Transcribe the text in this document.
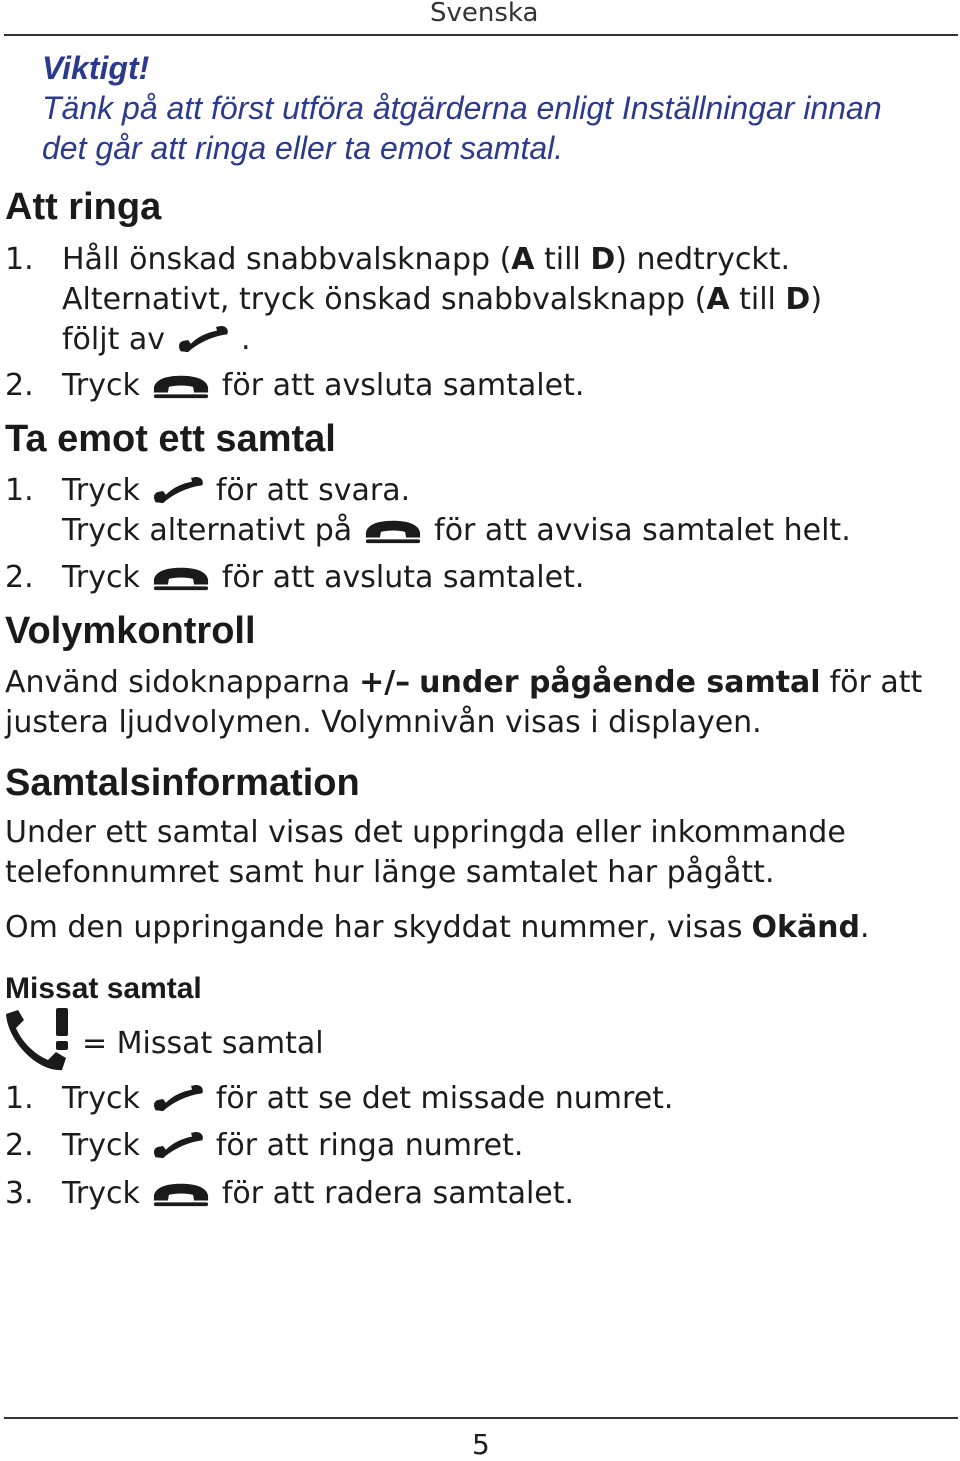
Svenska
Viktigt!
Tänk på att först utföra åtgärderna enligt Inställningar innan
det går att ringa eller ta emot samtal.
Att ringa
1. Håll önskad snabbvalsknapp ( A till D ) nedtryckt.
Alternativt, tryck önskad snabbvalsknapp ( A till D )
följt av	.
2. Tryck	för att avsluta samtalet.
Ta emot ett samtal
1. Tryck	för att svara.
Tryck alternativt på	för att avvisa samtalet helt.
2. Tryck	för att avsluta samtalet.
Volymkontroll
Använd sidoknapparna +/– under pågående samtal för att
justera ljudvolymen. Volymnivån visas i displayen.
Samtalsinformation
Under ett samtal visas det uppringda eller inkommande
telefonnumret samt hur länge samtalet har pågått.
Om den uppringande har skyddat nummer, visas Okänd .
Missat samtal
= Missat samtal
1. Tryck	för att se det missade numret.
2. Tryck	för att ringa numret.
3. Tryck	för att radera samtalet.
5
